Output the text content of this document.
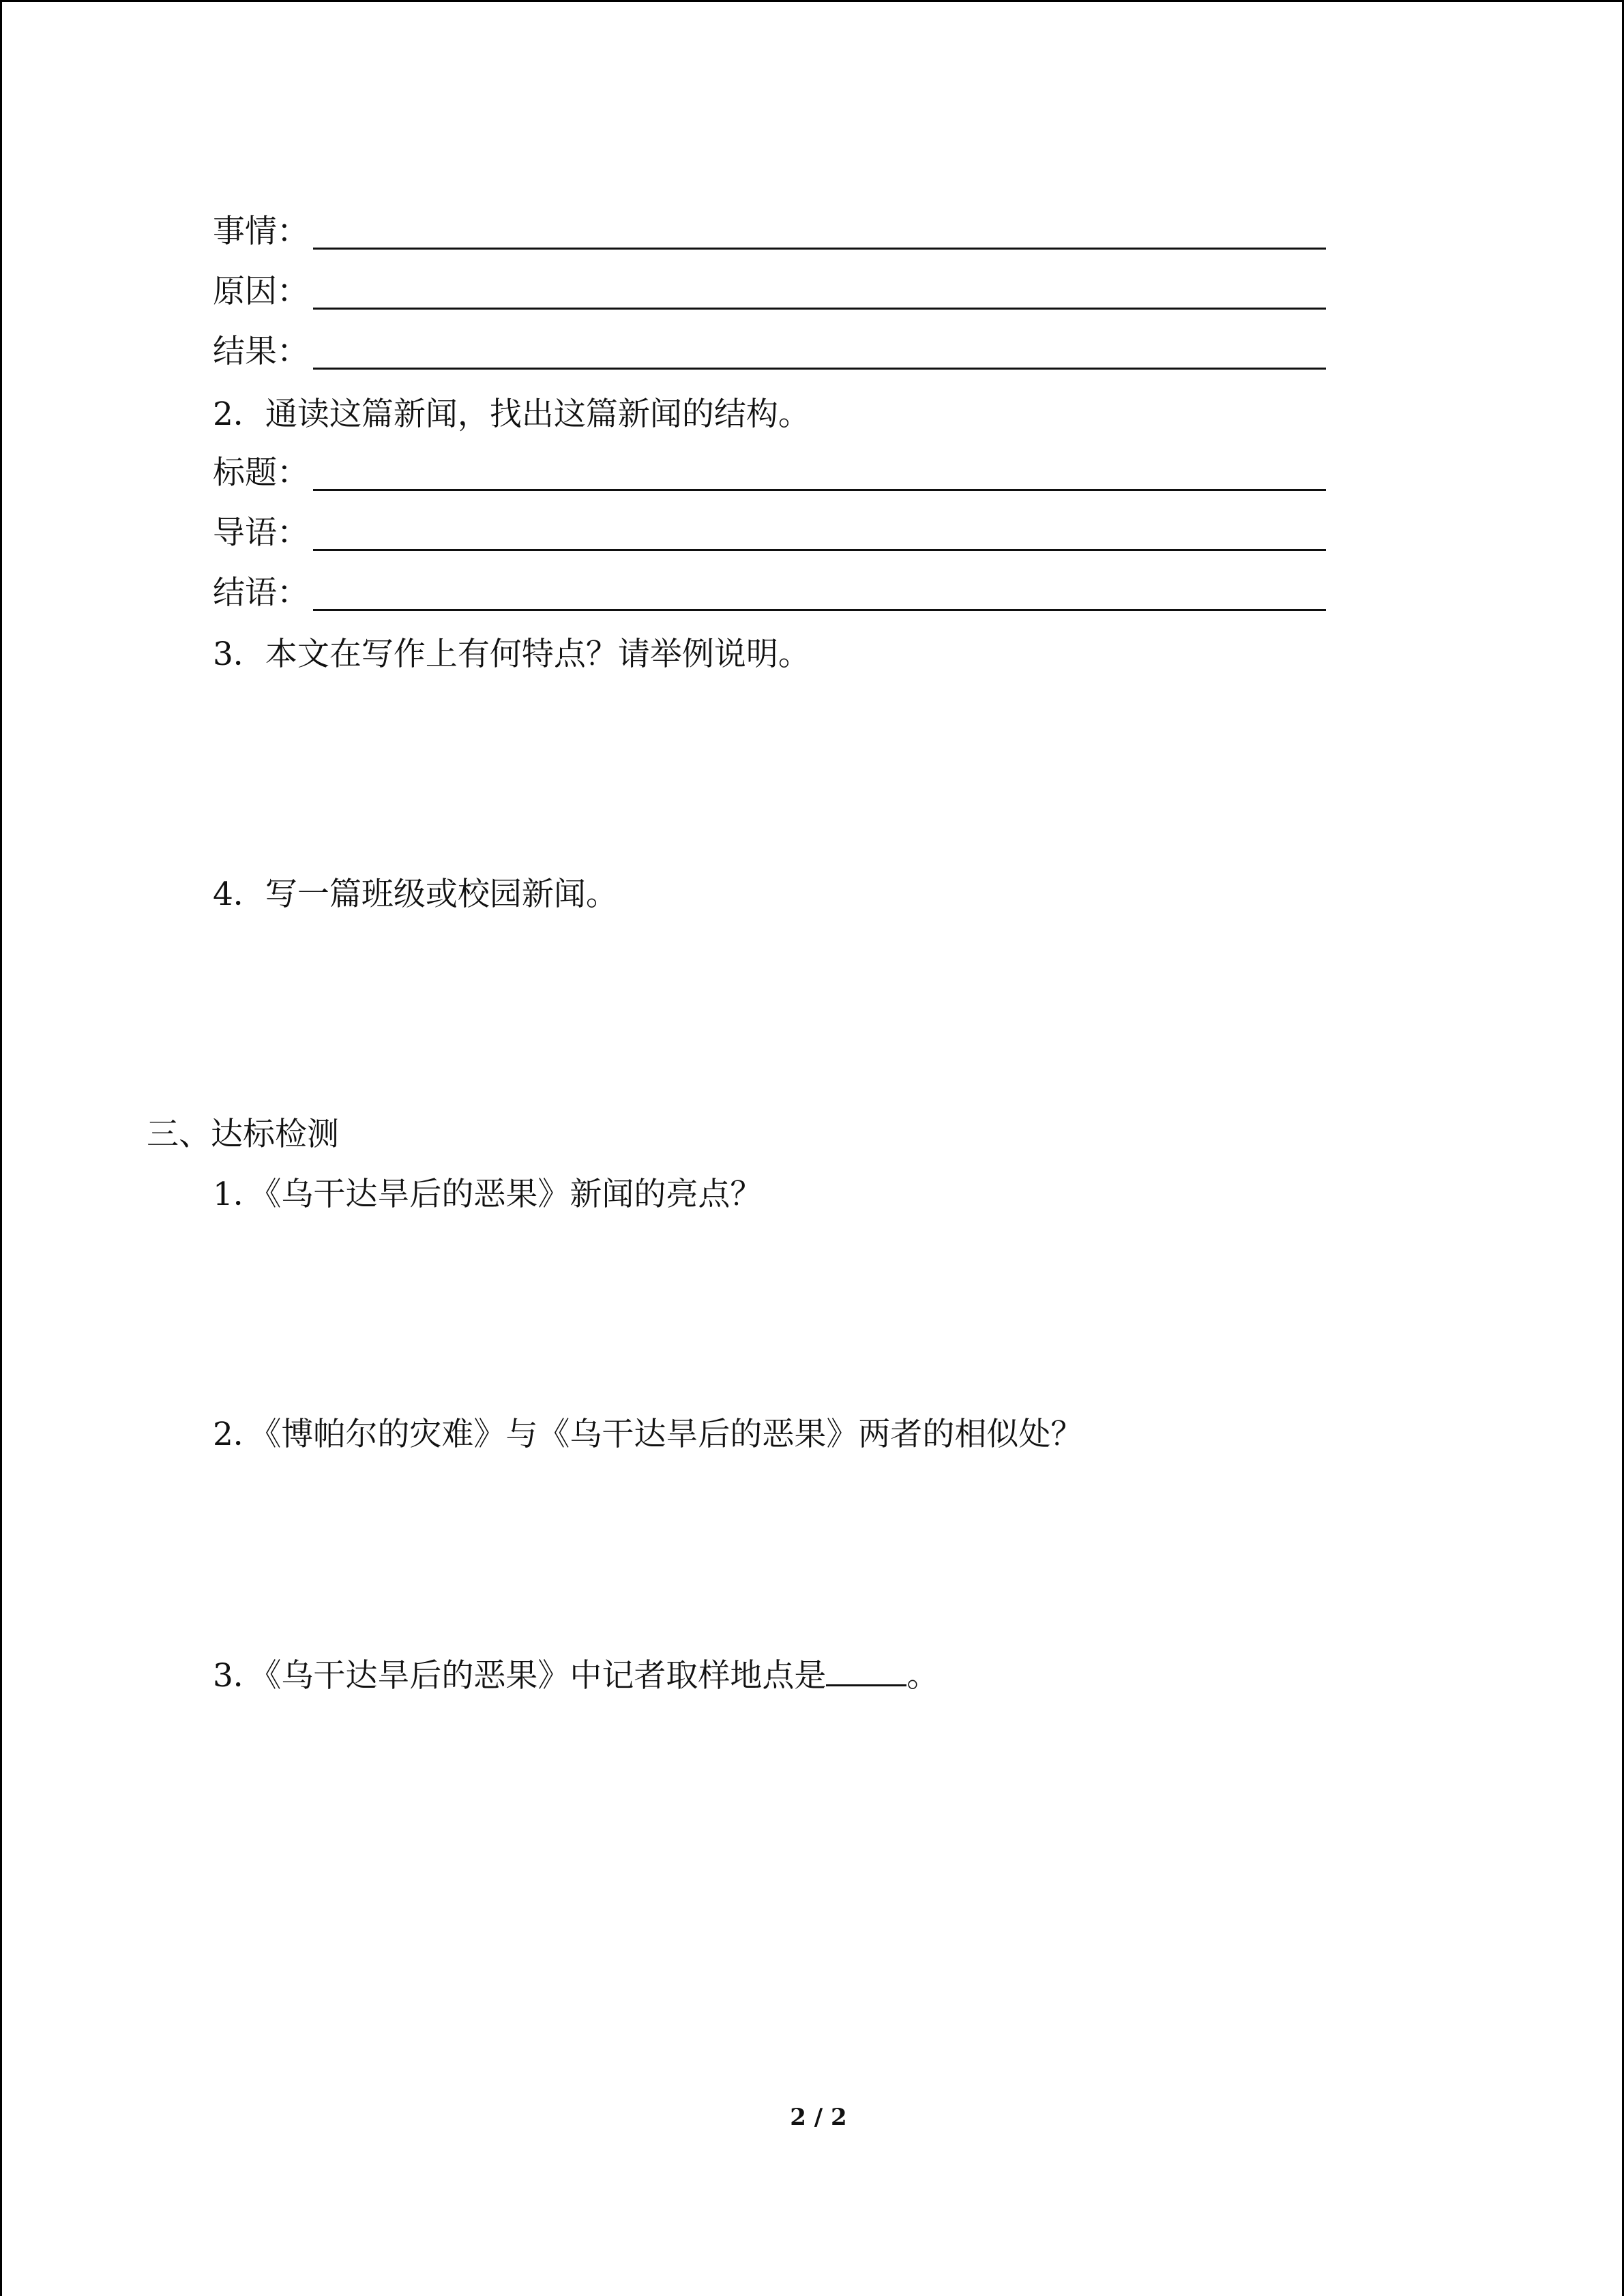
事情：
原因：
结果：
2．通读这篇新闻，找出这篇新闻的结构。
标题：
导语：
结语：
3．本文在写作上有何特点？请举例说明。
4．写一篇班级或校园新闻。
三、达标检测
1．《乌干达旱后的恶果》新闻的亮点？
2．《博帕尔的灾难》与《乌干达旱后的恶果》两者的相似处？
3．《乌干达旱后的恶果》中记者取样地点是	。
2 / 2
